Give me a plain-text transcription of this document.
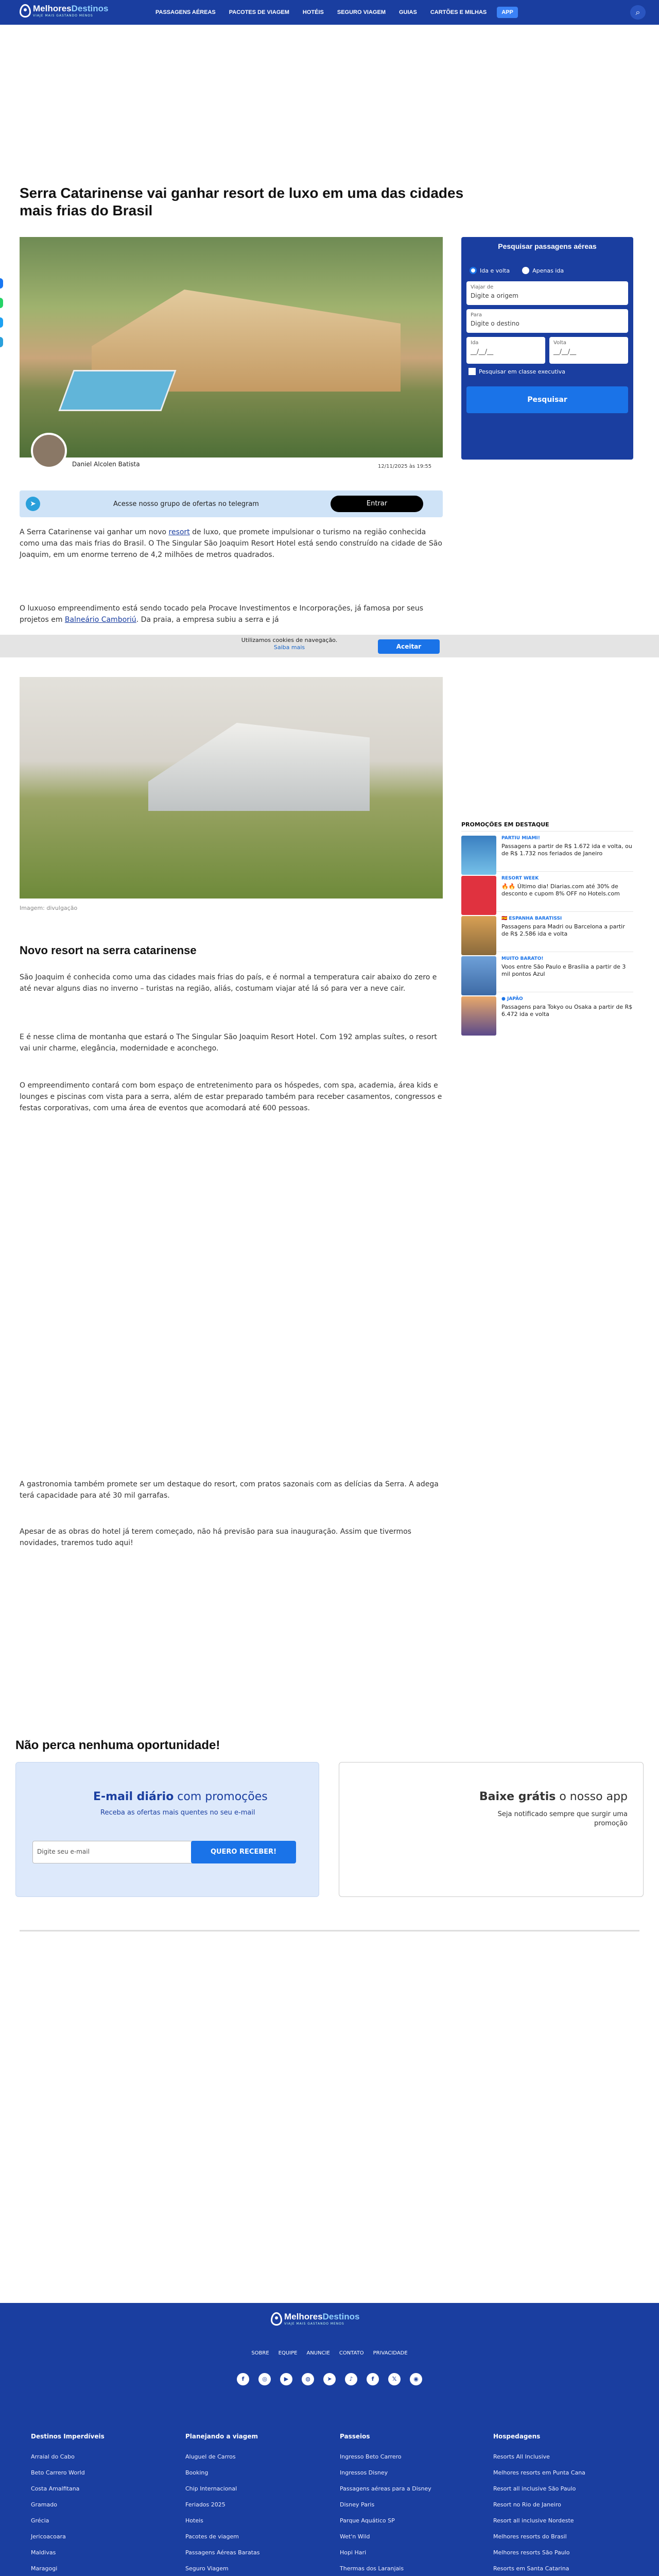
MelhoresDestinos
VIAJE MAIS GASTANDO MENOS	PASSAGENS AÉREAS PACOTES DE VIAGEM HOTÉIS SEGURO VIAGEM GUIAS CARTÕES E MILHAS	APP	⌕
Serra Catarinense vai ganhar resort de luxo em uma das cidades mais frias do Brasil
Daniel Alcolen Batista	12/11/2025 às 19:55
➤	Acesse nosso grupo de ofertas no telegram	Entrar
A Serra Catarinense vai ganhar um novo resort de luxo, que promete impulsionar o turismo na região conhecida como uma das mais frias do Brasil. O The Singular São Joaquim Resort Hotel está sendo construído na cidade de São Joaquim, em um enorme terreno de 4,2 milhões de metros quadrados.
O luxuoso empreendimento está sendo tocado pela Procave Investimentos e Incorporações, já famosa por seus projetos em Balneário Camboriú. Da praia, a empresa subiu a serra e já
Utilizamos cookies de navegação.
Saiba mais	Aceitar
Imagem: divulgação
Novo resort na serra catarinense
São Joaquim é conhecida como uma das cidades mais frias do país, e é normal a temperatura cair abaixo do zero e até nevar alguns dias no inverno – turistas na região, aliás, costumam viajar até lá só para ver a neve cair.
E é nesse clima de montanha que estará o The Singular São Joaquim Resort Hotel. Com 192 amplas suítes, o resort vai unir charme, elegância, modernidade e aconchego.
O empreendimento contará com bom espaço de entretenimento para os hóspedes, com spa, academia, área kids e lounges e piscinas com vista para a serra, além de estar preparado também para receber casamentos, congressos e festas corporativas, com uma área de eventos que acomodará até 600 pessoas.
A gastronomia também promete ser um destaque do resort, com pratos sazonais com as delícias da Serra. A adega terá capacidade para até 30 mil garrafas.
Apesar de as obras do hotel já terem começado, não há previsão para sua inauguração. Assim que tivermos novidades, traremos tudo aqui!
Pesquisar passagens aéreas
Ida e volta	Apenas ida
Viajar de
Digite a origem
Para
Digite o destino
Ida
__/__/__
Volta
__/__/__
Pesquisar em classe executiva
Pesquisar
PROMOÇÕES EM DESTAQUE
PARTIU MIAMI!
Passagens a partir de R$ 1.672 ida e volta, ou de R$ 1.732 nos feriados de Janeiro
RESORT WEEK
🔥🔥 Último dia! Diarias.com até 30% de desconto e cupom 8% OFF no Hotels.com
🇪🇸 ESPANHA BARATISSI
Passagens para Madri ou Barcelona a partir de R$ 2.586 ida e volta
MUITO BARATO!
Voos entre São Paulo e Brasília a partir de 3 mil pontos Azul
● JAPÃO
Passagens para Tokyo ou Osaka a partir de R$ 6.472 ida e volta
Não perca nenhuma oportunidade!
E-mail diário com promoções
Receba as ofertas mais quentes no seu e-mail
Digite seu e-mail	QUERO RECEBER!
Baixe grátis o nosso app
Seja notificado sempre que surgir uma promoção
MelhoresDestinos
VIAJE MAIS GASTANDO MENOS
SOBRE EQUIPE ANUNCIE CONTATO PRIVACIDADE
f	◎	▶	◍	➤	♪	f	𝕏	◉
Destinos Imperdíveis
Arraial do Cabo
Beto Carrero World
Costa Amalfitana
Gramado
Grécia
Jericoacoara
Maldivas
Maragogi
Planejando a viagem
Aluguel de Carros
Booking
Chip Internacional
Feriados 2025
Hoteis
Pacotes de viagem
Passagens Aéreas Baratas
Seguro Viagem
Passeios
Ingresso Beto Carrero
Ingressos Disney
Passagens aéreas para a Disney
Disney Paris
Parque Aquático SP
Wet'n Wild
Hopi Hari
Thermas dos Laranjais
Hospedagens
Resorts All Inclusive
Melhores resorts em Punta Cana
Resort all inclusive São Paulo
Resort no Rio de Janeiro
Resort all inclusive Nordeste
Melhores resorts do Brasil
Melhores resorts São Paulo
Resorts em Santa Catarina
